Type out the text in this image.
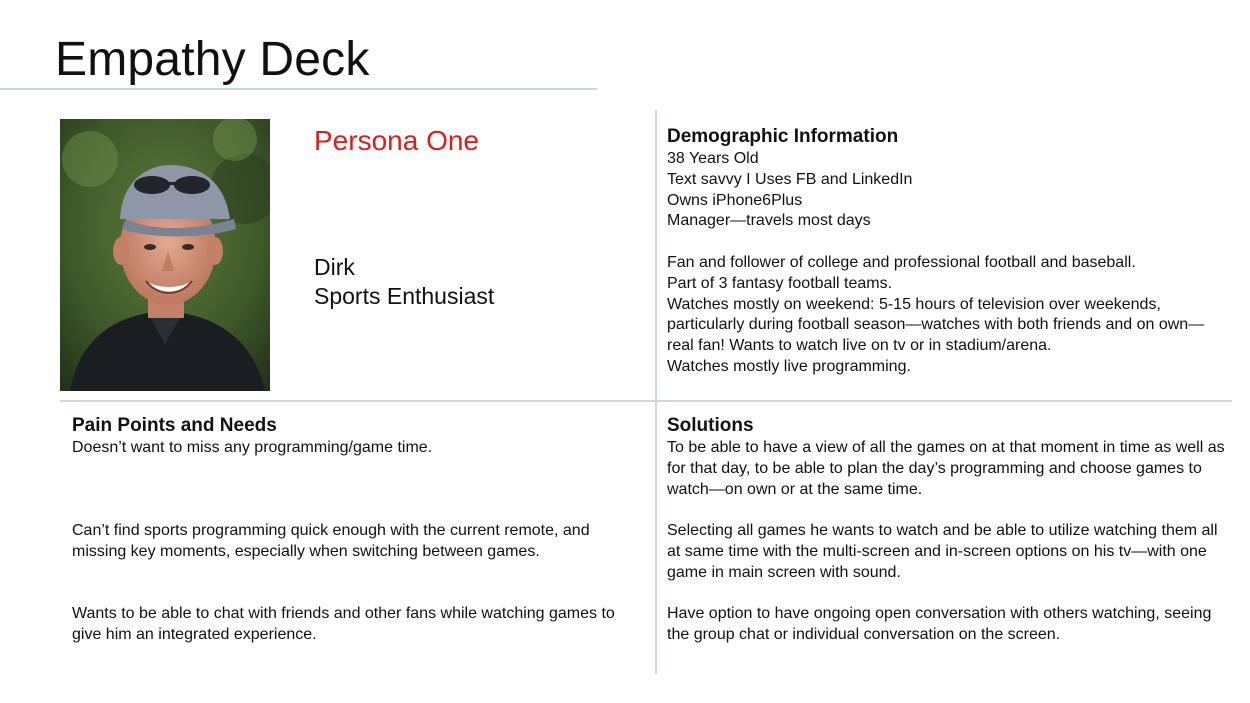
Empathy Deck
Persona One
Dirk
Sports Enthusiast
Demographic Information
38 Years Old
Text savvy I Uses FB and LinkedIn
Owns iPhone6Plus
Manager—travels most days
Fan and follower of college and professional football and baseball.
Part of 3 fantasy football teams.
Watches mostly on weekend: 5-15 hours of television over weekends, particularly during football season—watches with both friends and on own—real fan! Wants to watch live on tv or in stadium/arena.
Watches mostly live programming.
Pain Points and Needs
Doesn’t want to miss any programming/game time.
Can’t find sports programming quick enough with the current remote, and missing key moments, especially when switching between games.
Wants to be able to chat with friends and other fans while watching games to give him an integrated experience.
Solutions
To be able to have a view of all the games on at that moment in time as well as for that day, to be able to plan the day’s programming and choose games to watch—on own or at the same time.
Selecting all games he wants to watch and be able to utilize watching them all at same time with the multi-screen and in-screen options on his tv—with one game in main screen with sound.
Have option to have ongoing open conversation with others watching, seeing the group chat or individual conversation on the screen.
